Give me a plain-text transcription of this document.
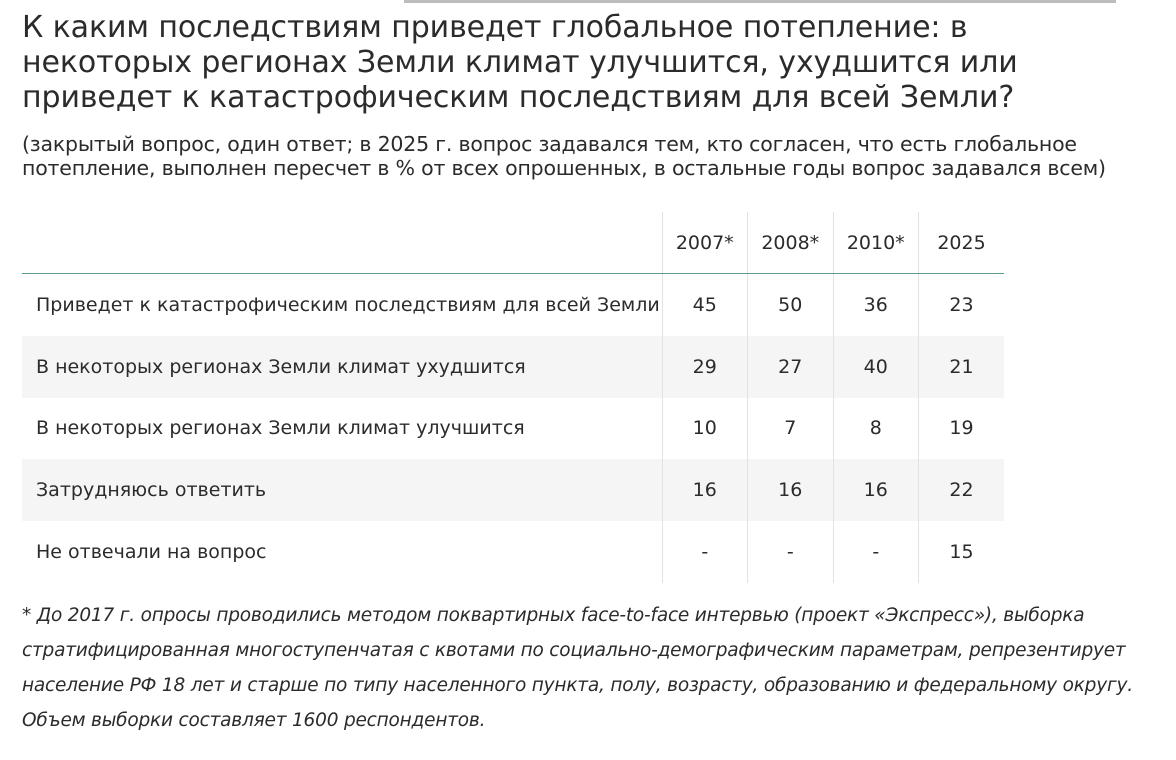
К каким последствиям приведет глобальное потепление: в некоторых регионах Земли климат улучшится, ухудшится или приведет к катастрофическим последствиям для всей Земли?

(закрытый вопрос, один ответ; в 2025 г. вопрос задавался тем, кто согласен, что есть глобальное потепление, выполнен пересчет в % от всех опрошенных, в остальные годы вопрос задавался всем)

	2007*	2008*	2010*	2025
Приведет к катастрофическим последствиям для всей Земли	45	50	36	23
В некоторых регионах Земли климат ухудшится	29	27	40	21
В некоторых регионах Земли климат улучшится	10	7	8	19
Затрудняюсь ответить	16	16	16	22
Не отвечали на вопрос	-	-	-	15

* До 2017 г. опросы проводились методом поквартирных face-to-face интервью (проект «Экспресс»), выборка стратифицированная многоступенчатая с квотами по социально-демографическим параметрам, репрезентирует население РФ 18 лет и старше по типу населенного пункта, полу, возрасту, образованию и федеральному округу. Объем выборки составляет 1600 респондентов.
